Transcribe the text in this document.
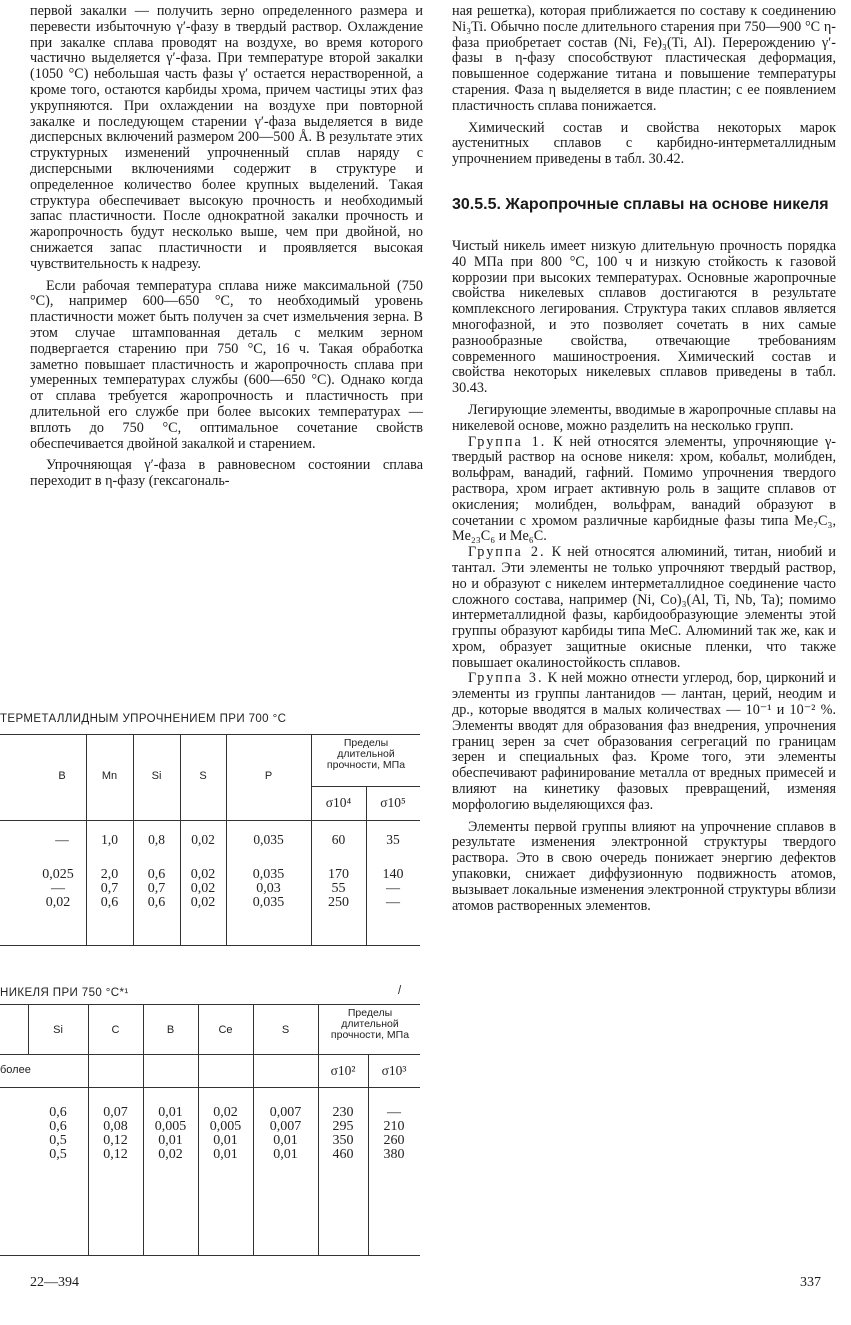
первой закалки — получить зерно определенного размера и перевести избыточную γ′-фазу в твердый раствор. Охлаждение при закалке сплава проводят на воздухе, во время которого частично выделяется γ′-фаза. При температуре второй закалки (1050 °C) небольшая часть фазы γ′ остается нерастворенной, а кроме того, остаются карбиды хрома, причем частицы этих фаз укрупняются. При охлаждении на воздухе при повторной закалке и последующем старении γ′-фаза выделяется в виде дисперсных включений размером 200—500 Å. В результате этих структурных изменений упрочненный сплав наряду с дисперсными включениями содержит в структуре и определенное количество более крупных выделений. Такая структура обеспечивает высокую прочность и необходимый запас пластичности. После однократной закалки прочность и жаропрочность будут несколько выше, чем при двойной, но снижается запас пластичности и проявляется высокая чувствительность к надрезу.

Если рабочая температура сплава ниже максимальной (750 °C), например 600—650 °C, то необходимый уровень пластичности может быть получен за счет измельчения зерна. В этом случае штампованная деталь с мелким зерном подвергается старению при 750 °C, 16 ч. Такая обработка заметно повышает пластичность и жаропрочность сплава при умеренных температурах службы (600—650 °C). Однако когда от сплава требуется жаропрочность и пластичность при длительной его службе при более высоких температурах — вплоть до 750 °C, оптимальное сочетание свойств обеспечивается двойной закалкой и старением.

Упрочняющая γ′-фаза в равновесном состоянии сплава переходит в η-фазу (гексагональ-

ТЕРМЕТАЛЛИДНЫМ УПРОЧНЕНИЕМ ПРИ 700 °C
B	Mn	Si	S	P
Пределы длительной прочности, МПа
σ10⁴	σ10⁵
—	1,0	0,8	0,02	0,035	60	35
0,025	2,0	0,6	0,02	0,035	170	140
—	0,7	0,7	0,02	0,03	55	—
0,02	0,6	0,6	0,02	0,035	250	—
НИКЕЛЯ ПРИ 750 °C*¹	/
Si	C	B	Ce	S
Пределы длительной прочности, МПа
более	σ10²	σ10³
0,6	0,07	0,01	0,02	0,007	230	—
0,6	0,08	0,005	0,005	0,007	295	210
0,5	0,12	0,01	0,01	0,01	350	260
0,5	0,12	0,02	0,01	0,01	460	380

ная решетка), которая приближается по составу к соединению Ni₃Ti. Обычно после длительного старения при 750—900 °C η-фаза приобретает состав (Ni, Fe)₃(Ti, Al). Перерождению γ′-фазы в η-фазу способствуют пластическая деформация, повышенное содержание титана и повышение температуры старения. Фаза η выделяется в виде пластин; с ее появлением пластичность сплава понижается.

Химический состав и свойства некоторых марок аустенитных сплавов с карбидно-интерметаллидным упрочнением приведены в табл. 30.42.

30.5.5. Жаропрочные сплавы на основе никеля

Чистый никель имеет низкую длительную прочность порядка 40 МПа при 800 °C, 100 ч и низкую стойкость к газовой коррозии при высоких температурах. Основные жаропрочные свойства никелевых сплавов достигаются в результате комплексного легирования. Структура таких сплавов является многофазной, и это позволяет сочетать в них самые разнообразные свойства, отвечающие требованиям современного машиностроения. Химический состав и свойства некоторых никелевых сплавов приведены в табл. 30.43.

Легирующие элементы, вводимые в жаропрочные сплавы на никелевой основе, можно разделить на несколько групп.

Группа 1. К ней относятся элементы, упрочняющие γ-твердый раствор на основе никеля: хром, кобальт, молибден, вольфрам, ванадий, гафний. Помимо упрочнения твердого раствора, хром играет активную роль в защите сплавов от окисления; молибден, вольфрам, ванадий образуют в сочетании с хромом различные карбидные фазы типа Me₇C₃, Me₂₃C₆ и Me₆C.

Группа 2. К ней относятся алюминий, титан, ниобий и тантал. Эти элементы не только упрочняют твердый раствор, но и образуют с никелем интерметаллидное соединение часто сложного состава, например (Ni, Co)₃(Al, Ti, Nb, Ta); помимо интерметаллидной фазы, карбидообразующие элементы этой группы образуют карбиды типа MeC. Алюминий так же, как и хром, образует защитные окисные пленки, что также повышает окалиностойкость сплавов.

Группа 3. К ней можно отнести углерод, бор, цирконий и элементы из группы лантанидов — лантан, церий, неодим и др., которые вводятся в малых количествах — 10⁻¹ и 10⁻² %. Элементы вводят для образования фаз внедрения, упрочнения границ зерен за счет образования сегрегаций по границам зерен и специальных фаз. Кроме того, эти элементы обеспечивают рафинирование металла от вредных примесей и влияют на кинетику фазовых превращений, изменяя морфологию выделяющихся фаз.

Элементы первой группы влияют на упрочнение сплавов в результате изменения электронной структуры твердого раствора. Это в свою очередь понижает энергию дефектов упаковки, снижает диффузионную подвижность атомов, вызывает локальные изменения электронной структуры вблизи атомов растворенных элементов.

22—394	337
